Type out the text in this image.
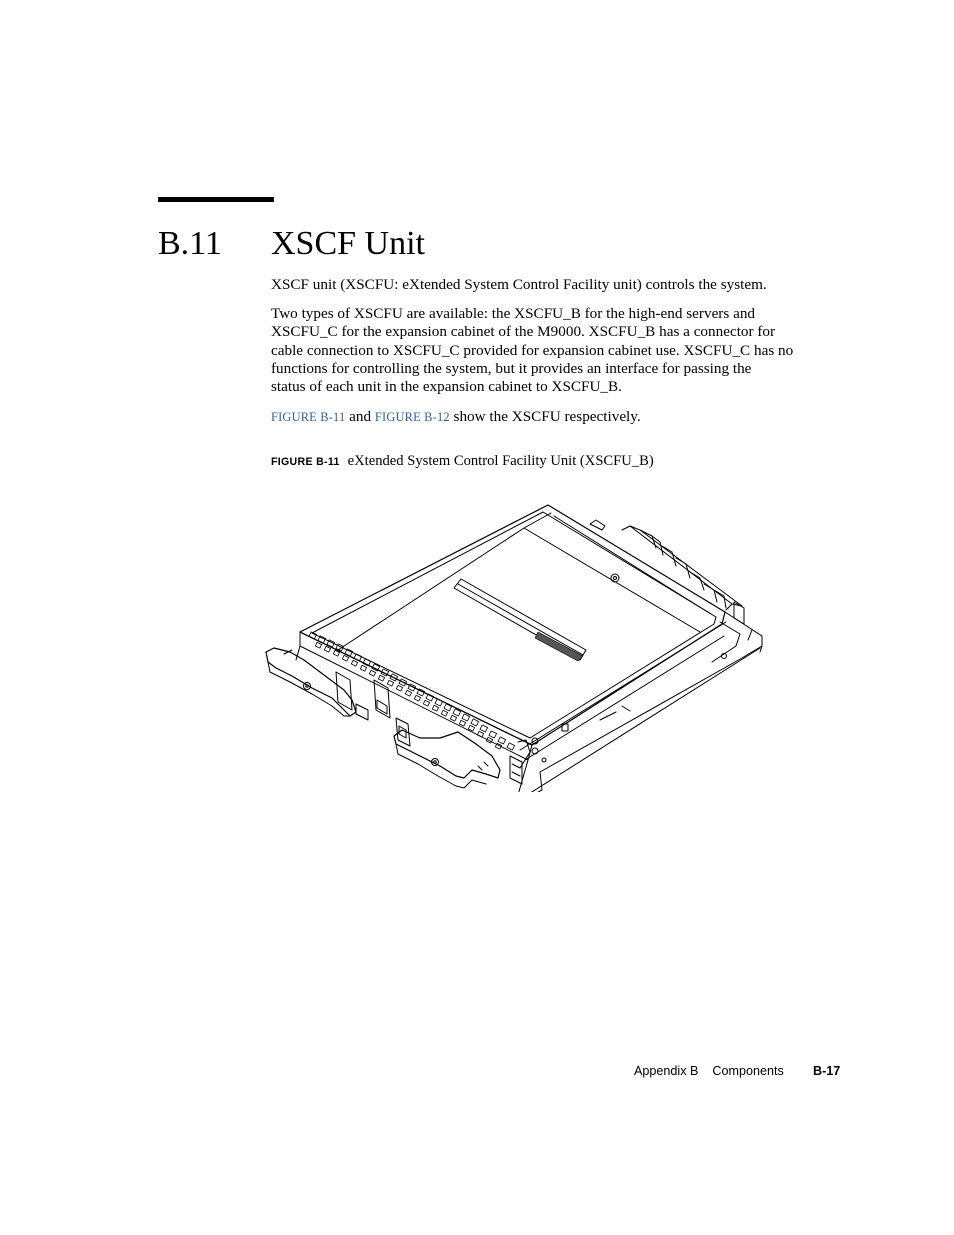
B.11 XSCF Unit

XSCF unit (XSCFU: eXtended System Control Facility unit) controls the system.

Two types of XSCFU are available: the XSCFU_B for the high-end servers and
XSCFU_C for the expansion cabinet of the M9000. XSCFU_B has a connector for
cable connection to XSCFU_C provided for expansion cabinet use. XSCFU_C has no
functions for controlling the system, but it provides an interface for passing the
status of each unit in the expansion cabinet to XSCFU_B.

FIGURE B-11 and FIGURE B-12 show the XSCFU respectively.

FIGURE B-11 eXtended System Control Facility Unit (XSCFU_B)
Appendix B Components B-17
